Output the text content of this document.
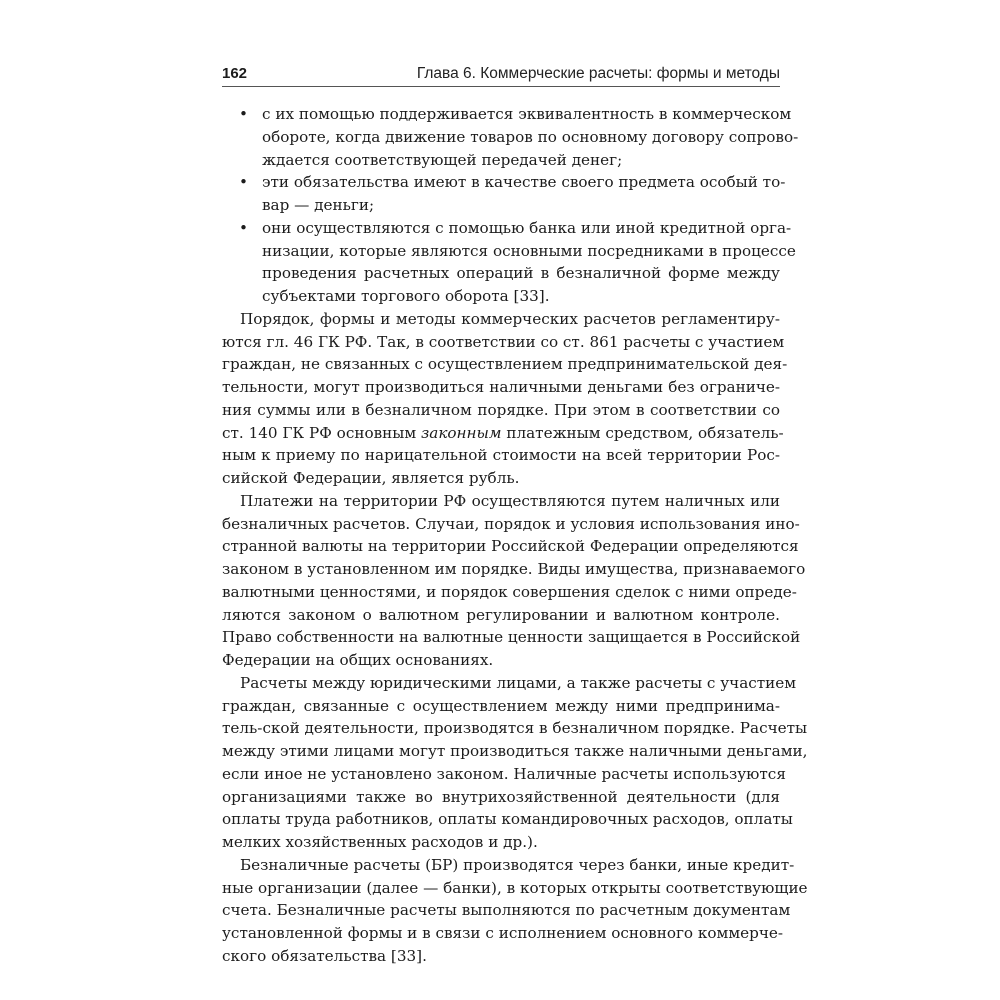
162	Глава 6. Коммерческие расчеты: формы и методы
• с их помощью поддерживается эквивалентность в коммерческом
обороте, когда движение товаров по основному договору сопрово-
ждается соответствующей передачей денег;
• эти обязательства имеют в качестве своего предмета особый то-
вар — деньги;
• они осуществляются с помощью банка или иной кредитной орга-
низации, которые являются основными посредниками в процессе
проведения расчетных операций в безналичной форме между
субъектами торгового оборота [33].
Порядок, формы и методы коммерческих расчетов регламентиру-
ются гл. 46 ГК РФ. Так, в соответствии со ст. 861 расчеты с участием
граждан, не связанных с осуществлением предпринимательской дея-
тельности, могут производиться наличными деньгами без ограниче-
ния суммы или в безналичном порядке. При этом в соответствии со
ст. 140 ГК РФ основным законным платежным средством, обязатель-
ным к приему по нарицательной стоимости на всей территории Рос-
сийской Федерации, является рубль.
Платежи на территории РФ осуществляются путем наличных или
безналичных расчетов. Случаи, порядок и условия использования ино-
странной валюты на территории Российской Федерации определяются
законом в установленном им порядке. Виды имущества, признаваемого
валютными ценностями, и порядок совершения сделок с ними опреде-
ляются законом о валютном регулировании и валютном контроле.
Право собственности на валютные ценности защищается в Российской
Федерации на общих основаниях.
Расчеты между юридическими лицами, а также расчеты с участием
граждан, связанные с осуществлением между ними предпринима-
тель-ской деятельности, производятся в безналичном порядке. Расчеты
между этими лицами могут производиться также наличными деньгами,
если иное не установлено законом. Наличные расчеты используются
организациями также во внутрихозяйственной деятельности (для
оплаты труда работников, оплаты командировочных расходов, оплаты
мелких хозяйственных расходов и др.).
Безналичные расчеты (БР) производятся через банки, иные кредит-
ные организации (далее — банки), в которых открыты соответствующие
счета. Безналичные расчеты выполняются по расчетным документам
установленной формы и в связи с исполнением основного коммерче-
ского обязательства [33].
